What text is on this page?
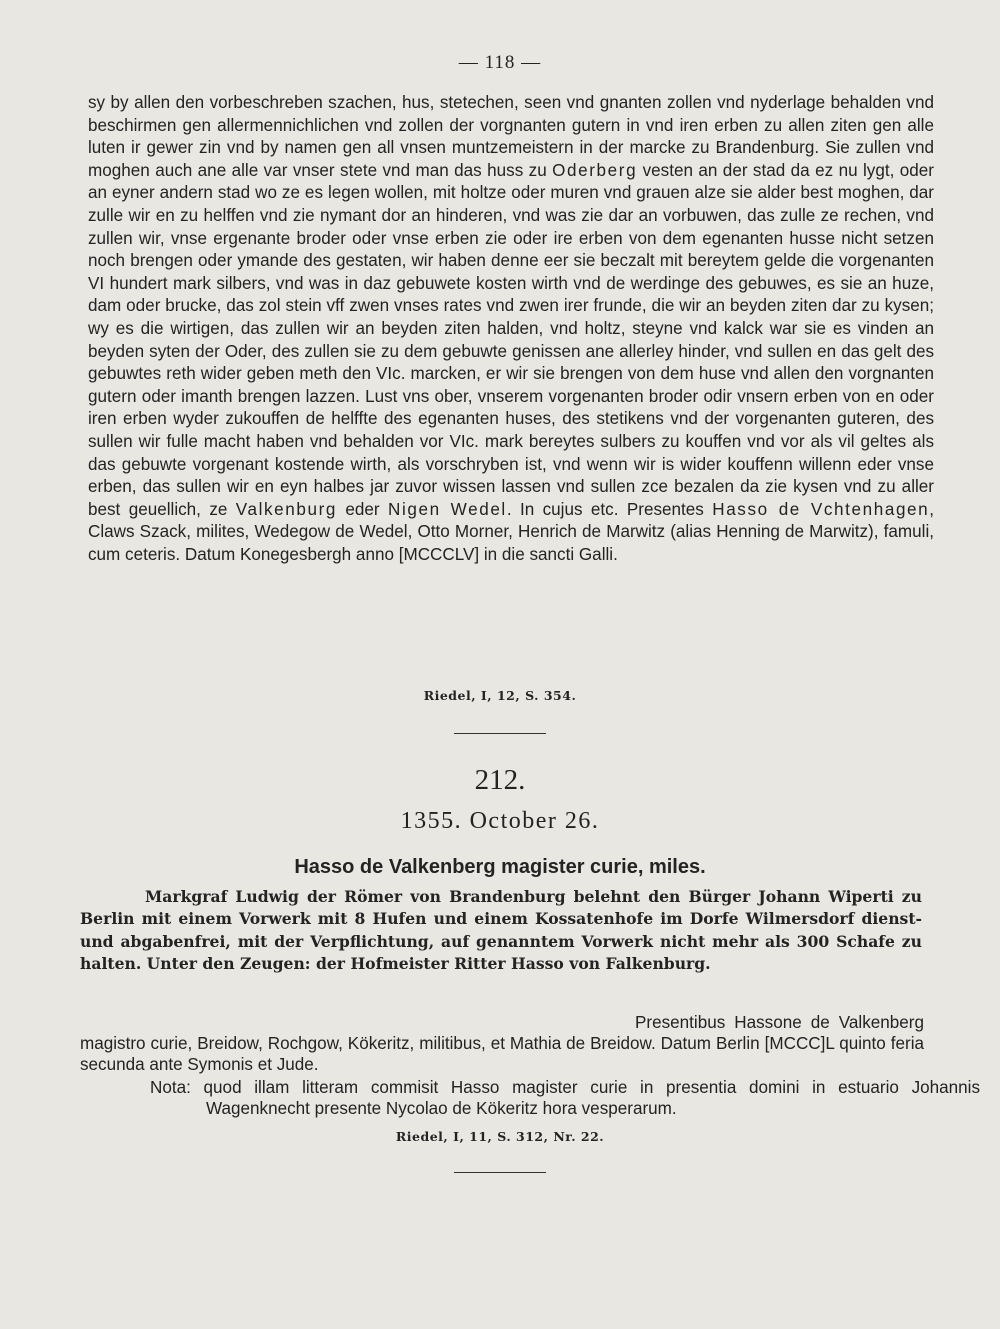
— 118 —

sy by allen den vorbeschreben szachen, hus, stetechen, seen vnd gnanten zollen vnd nyderlage behalden vnd beschirmen gen allermennichlichen vnd zollen der vorgnanten gutern in vnd iren erben zu allen ziten gen alle luten ir gewer zin vnd by namen gen all vnsen muntzemeistern in der marcke zu Brandenburg. Sie zullen vnd moghen auch ane alle var vnser stete vnd man das huss zu Oderberg vesten an der stad da ez nu lygt, oder an eyner andern stad wo ze es legen wollen, mit holtze oder muren vnd grauen alze sie alder best moghen, dar zulle wir en zu helffen vnd zie nymant dor an hinderen, vnd was zie dar an vorbuwen, das zulle ze rechen, vnd zullen wir, vnse ergenante broder oder vnse erben zie oder ire erben von dem egenanten husse nicht setzen noch brengen oder ymande des gestaten, wir haben denne eer sie beczalt mit bereytem gelde die vorgenanten VI hundert mark silbers, vnd was in daz gebuwete kosten wirth vnd de werdinge des gebuwes, es sie an huze, dam oder brucke, das zol stein vff zwen vnses rates vnd zwen irer frunde, die wir an beyden ziten dar zu kysen; wy es die wirtigen, das zullen wir an beyden ziten halden, vnd holtz, steyne vnd kalck war sie es vinden an beyden syten der Oder, des zullen sie zu dem gebuwte genissen ane allerley hinder, vnd sullen en das gelt des gebuwtes reth wider geben meth den VIc. marcken, er wir sie brengen von dem huse vnd allen den vorgnanten gutern oder imanth brengen lazzen. Lust vns ober, vnserem vorgenanten broder odir vnsern erben von en oder iren erben wyder zukouffen de helffte des egenanten huses, des stetikens vnd der vorgenanten guteren, des sullen wir fulle macht haben vnd behalden vor VIc. mark bereytes sulbers zu kouffen vnd vor als vil geltes als das gebuwte vorgenant kostende wirth, als vorschryben ist, vnd wenn wir is wider kouffenn willenn eder vnse erben, das sullen wir en eyn halbes jar zuvor wissen lassen vnd sullen zce bezalen da zie kysen vnd zu aller best geuellich, ze Valkenburg eder Nigen Wedel. In cujus etc. Presentes Hasso de Vchtenhagen, Claws Szack, milites, Wedegow de Wedel, Otto Morner, Henrich de Marwitz (alias Henning de Marwitz), famuli, cum ceteris. Datum Konegesbergh anno [MCCCLV] in die sancti Galli.

Riedel, I, 12, S. 354.
212.
1355. October 26.
Hasso de Valkenberg magister curie, miles.
Markgraf Ludwig der Römer von Brandenburg belehnt den Bürger Johann Wiperti zu Berlin mit einem Vorwerk mit 8 Hufen und einem Kossatenhofe im Dorfe Wilmersdorf dienst- und abgabenfrei, mit der Verpflichtung, auf genanntem Vorwerk nicht mehr als 300 Schafe zu halten. Unter den Zeugen: der Hofmeister Ritter Hasso von Falkenburg.
Presentibus Hassone de Valkenberg magistro curie, Breidow, Rochgow, Kökeritz, militibus, et Mathia de Breidow. Datum Berlin [MCCC]L quinto feria secunda ante Symonis et Jude.
Nota: quod illam litteram commisit Hasso magister curie in presentia domini in estuario Johannis Wagenknecht presente Nycolao de Kökeritz hora vesperarum.
Riedel, I, 11, S. 312, Nr. 22.
